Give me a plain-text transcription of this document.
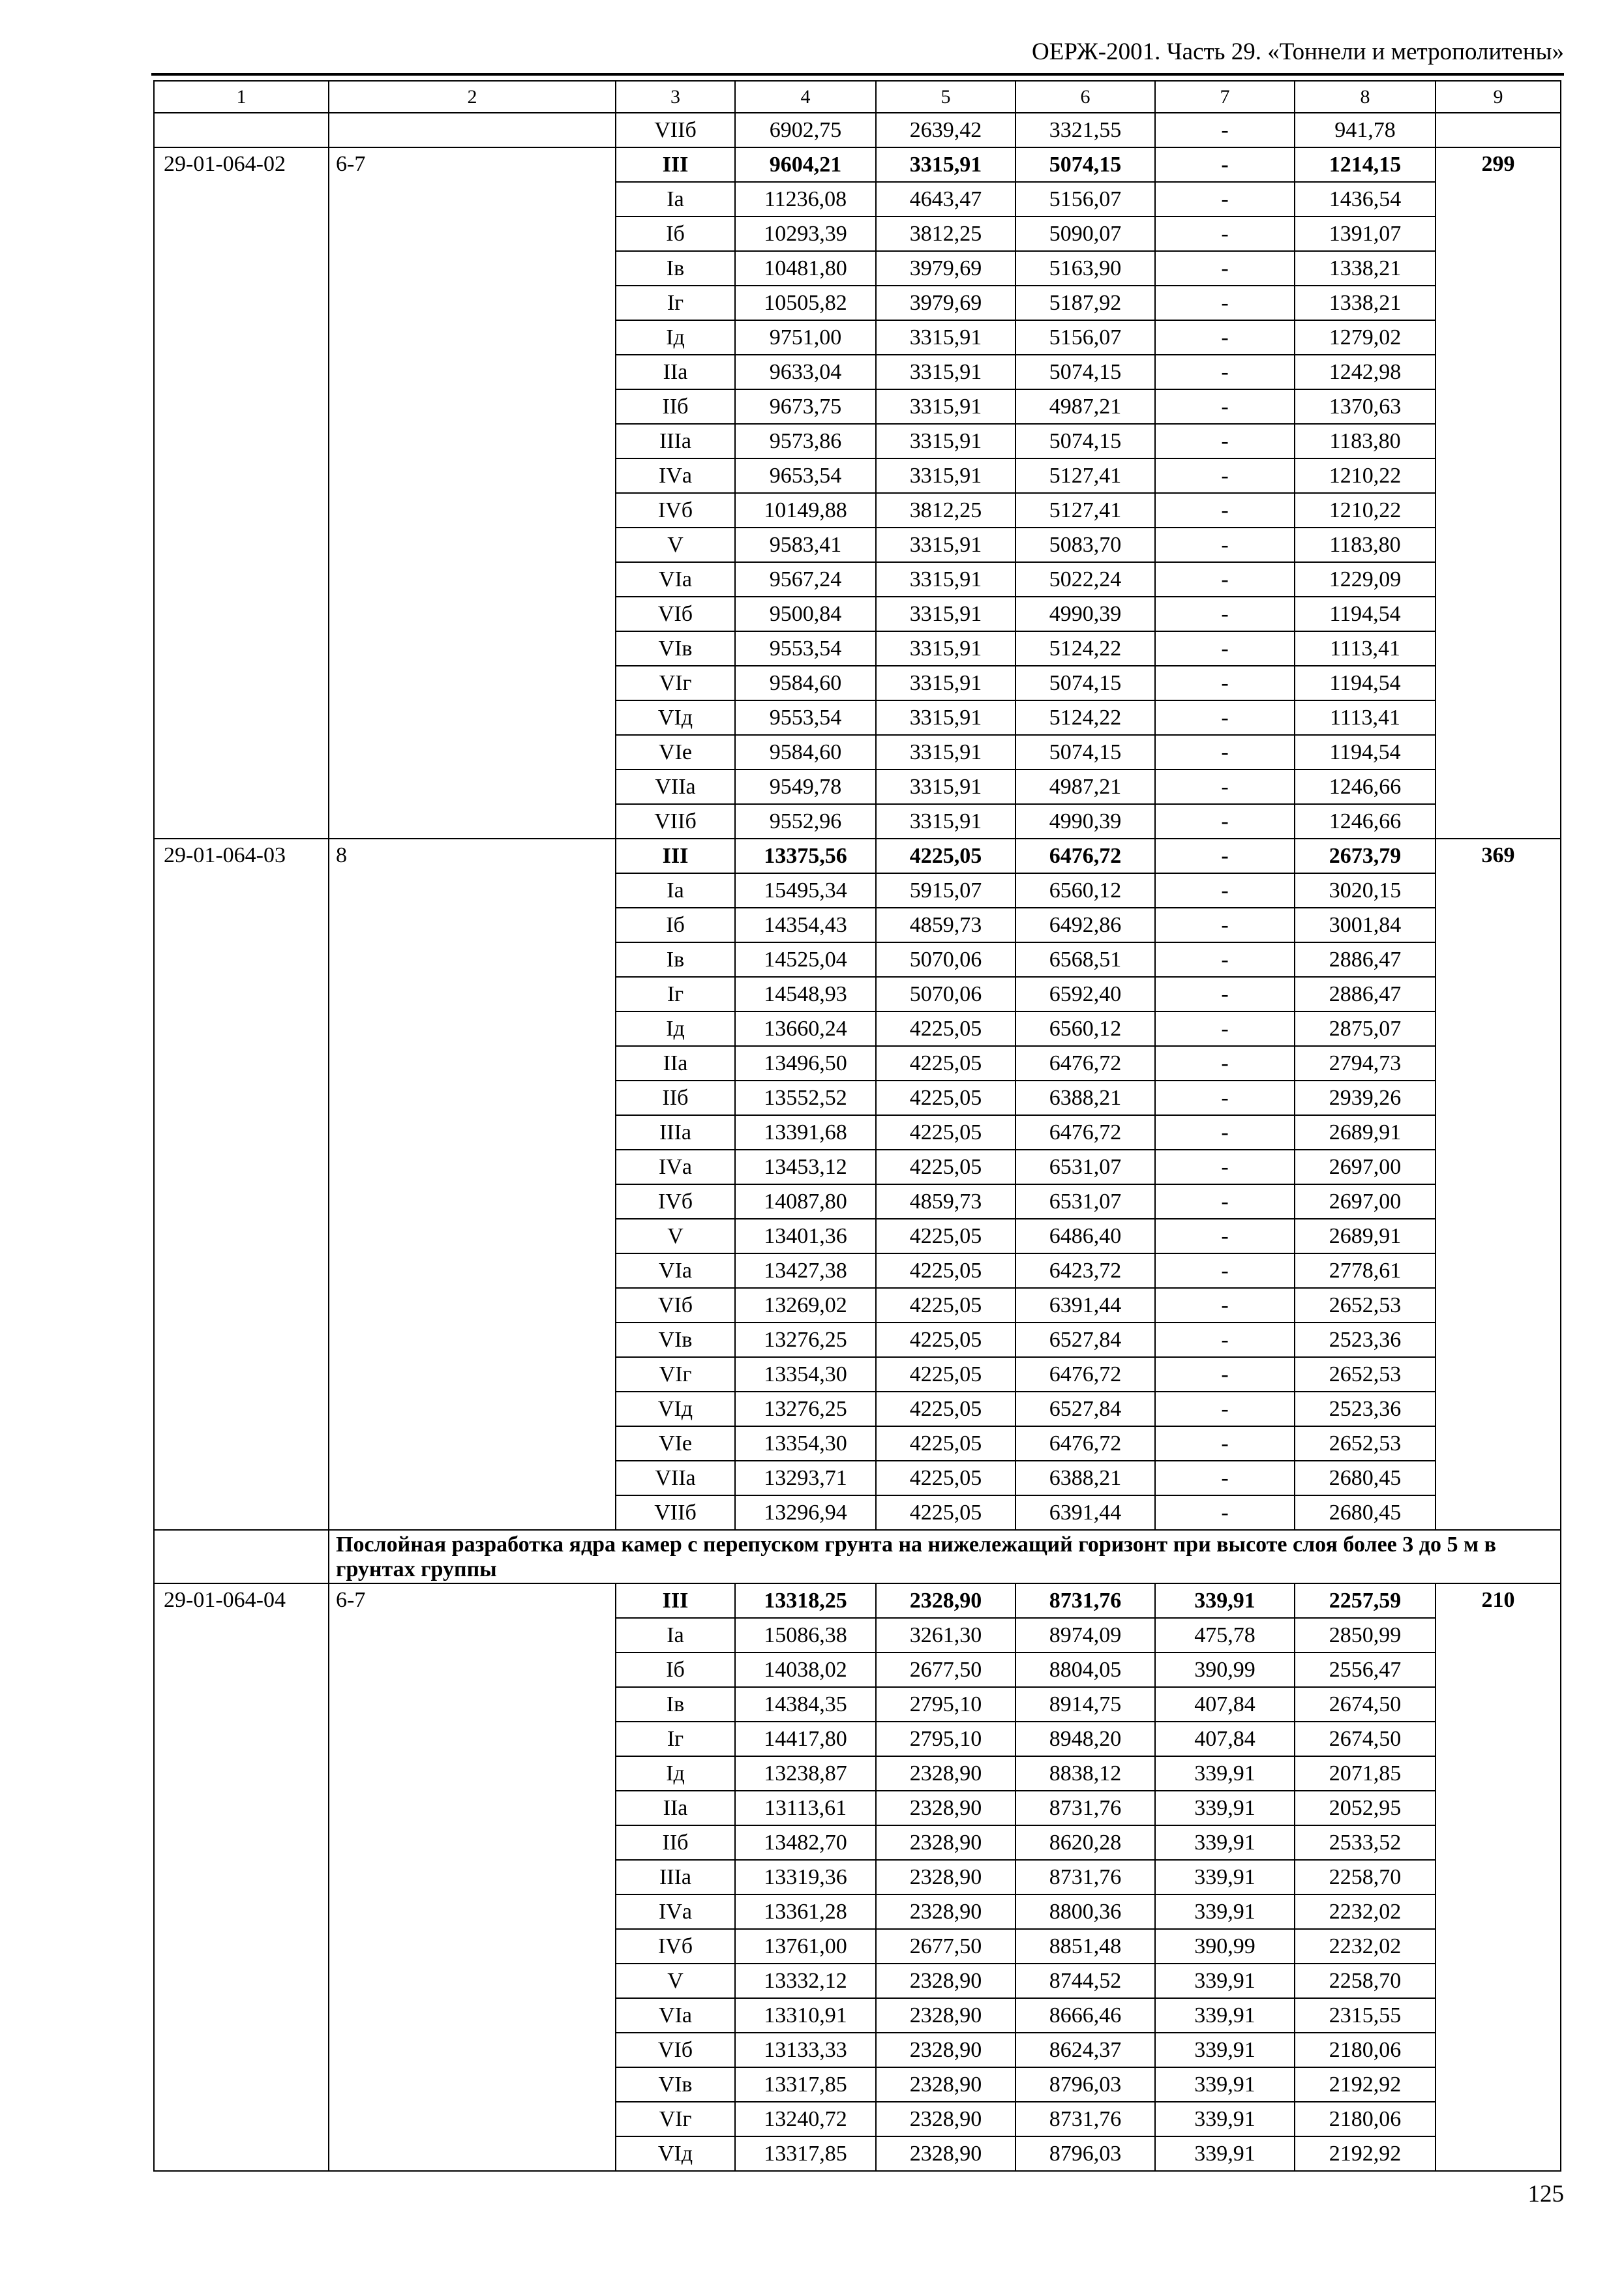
ОЕРЖ-2001. Часть 29. «Тоннели и метрополитены»
1	2	3	4	5	6	7	8	9
		VIIб	6902,75	2639,42	3321,55	-	941,78	
29-01-064-02	6-7	III	9604,21	3315,91	5074,15	-	1214,15	299
		Iа	11236,08	4643,47	5156,07	-	1436,54	
		Iб	10293,39	3812,25	5090,07	-	1391,07	
		Iв	10481,80	3979,69	5163,90	-	1338,21	
		Iг	10505,82	3979,69	5187,92	-	1338,21	
		Iд	9751,00	3315,91	5156,07	-	1279,02	
		IIа	9633,04	3315,91	5074,15	-	1242,98	
		IIб	9673,75	3315,91	4987,21	-	1370,63	
		IIIа	9573,86	3315,91	5074,15	-	1183,80	
		IVа	9653,54	3315,91	5127,41	-	1210,22	
		IVб	10149,88	3812,25	5127,41	-	1210,22	
		V	9583,41	3315,91	5083,70	-	1183,80	
		VIа	9567,24	3315,91	5022,24	-	1229,09	
		VIб	9500,84	3315,91	4990,39	-	1194,54	
		VIв	9553,54	3315,91	5124,22	-	1113,41	
		VIг	9584,60	3315,91	5074,15	-	1194,54	
		VIд	9553,54	3315,91	5124,22	-	1113,41	
		VIе	9584,60	3315,91	5074,15	-	1194,54	
		VIIа	9549,78	3315,91	4987,21	-	1246,66	
		VIIб	9552,96	3315,91	4990,39	-	1246,66	
29-01-064-03	8	III	13375,56	4225,05	6476,72	-	2673,79	369
		Iа	15495,34	5915,07	6560,12	-	3020,15	
		Iб	14354,43	4859,73	6492,86	-	3001,84	
		Iв	14525,04	5070,06	6568,51	-	2886,47	
		Iг	14548,93	5070,06	6592,40	-	2886,47	
		Iд	13660,24	4225,05	6560,12	-	2875,07	
		IIа	13496,50	4225,05	6476,72	-	2794,73	
		IIб	13552,52	4225,05	6388,21	-	2939,26	
		IIIа	13391,68	4225,05	6476,72	-	2689,91	
		IVа	13453,12	4225,05	6531,07	-	2697,00	
		IVб	14087,80	4859,73	6531,07	-	2697,00	
		V	13401,36	4225,05	6486,40	-	2689,91	
		VIа	13427,38	4225,05	6423,72	-	2778,61	
		VIб	13269,02	4225,05	6391,44	-	2652,53	
		VIв	13276,25	4225,05	6527,84	-	2523,36	
		VIг	13354,30	4225,05	6476,72	-	2652,53	
		VIд	13276,25	4225,05	6527,84	-	2523,36	
		VIе	13354,30	4225,05	6476,72	-	2652,53	
		VIIа	13293,71	4225,05	6388,21	-	2680,45	
		VIIб	13296,94	4225,05	6391,44	-	2680,45	
	Послойная разработка ядра камер с перепуском грунта на нижележащий горизонт при высоте слоя более 3 до 5 м в грунтах группы							
29-01-064-04	6-7	III	13318,25	2328,90	8731,76	339,91	2257,59	210
		Iа	15086,38	3261,30	8974,09	475,78	2850,99	
		Iб	14038,02	2677,50	8804,05	390,99	2556,47	
		Iв	14384,35	2795,10	8914,75	407,84	2674,50	
		Iг	14417,80	2795,10	8948,20	407,84	2674,50	
		Iд	13238,87	2328,90	8838,12	339,91	2071,85	
		IIа	13113,61	2328,90	8731,76	339,91	2052,95	
		IIб	13482,70	2328,90	8620,28	339,91	2533,52	
		IIIа	13319,36	2328,90	8731,76	339,91	2258,70	
		IVа	13361,28	2328,90	8800,36	339,91	2232,02	
		IVб	13761,00	2677,50	8851,48	390,99	2232,02	
		V	13332,12	2328,90	8744,52	339,91	2258,70	
		VIа	13310,91	2328,90	8666,46	339,91	2315,55	
		VIб	13133,33	2328,90	8624,37	339,91	2180,06	
		VIв	13317,85	2328,90	8796,03	339,91	2192,92	
		VIг	13240,72	2328,90	8731,76	339,91	2180,06	
		VIд	13317,85	2328,90	8796,03	339,91	2192,92	
125
